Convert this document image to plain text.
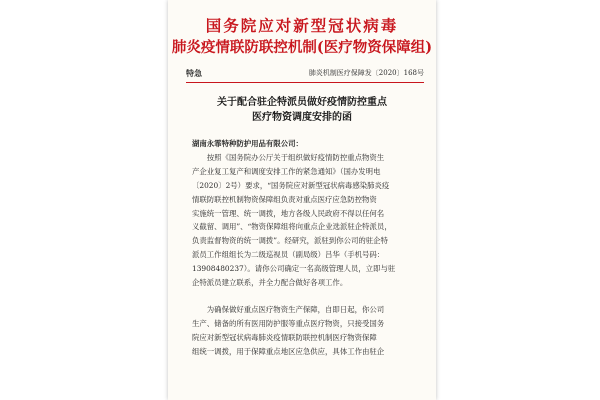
国务院应对新型冠状病毒
肺炎疫情联防联控机制(医疗物资保障组)
特急	肺炎机制医疗保障发〔2020〕168号
关于配合驻企特派员做好疫情防控重点
医疗物资调度安排的函
湖南永霏特种防护用品有限公司：
　　按照《国务院办公厅关于组织做好疫情防控重点物资生
产企业复工复产和调度安排工作的紧急通知》（国办发明电
〔2020〕2号）要求，“国务院应对新型冠状病毒感染肺炎疫
情联防联控机制物资保障组负责对重点医疗应急防控物资
实施统一管理、统一调拨，地方各级人民政府不得以任何名
义截留、调用”、“物资保障组将向重点企业选派驻企特派员，
负责监督物资的统一调拨”。经研究，派驻到你公司的驻企特
派员工作组组长为二级巡视员（副局级）吕华（手机号码：
13908480237）。请你公司确定一名高级管理人员，立即与驻
企特派员建立联系，并全力配合做好各项工作。
　　为确保做好重点医疗物资生产保障，自即日起，你公司
生产、储备的所有医用防护服等重点医疗物资，只接受国务
院应对新型冠状病毒肺炎疫情联防联控机制医疗物资保障
组统一调拨，用于保障重点地区应急供应，具体工作由驻企
